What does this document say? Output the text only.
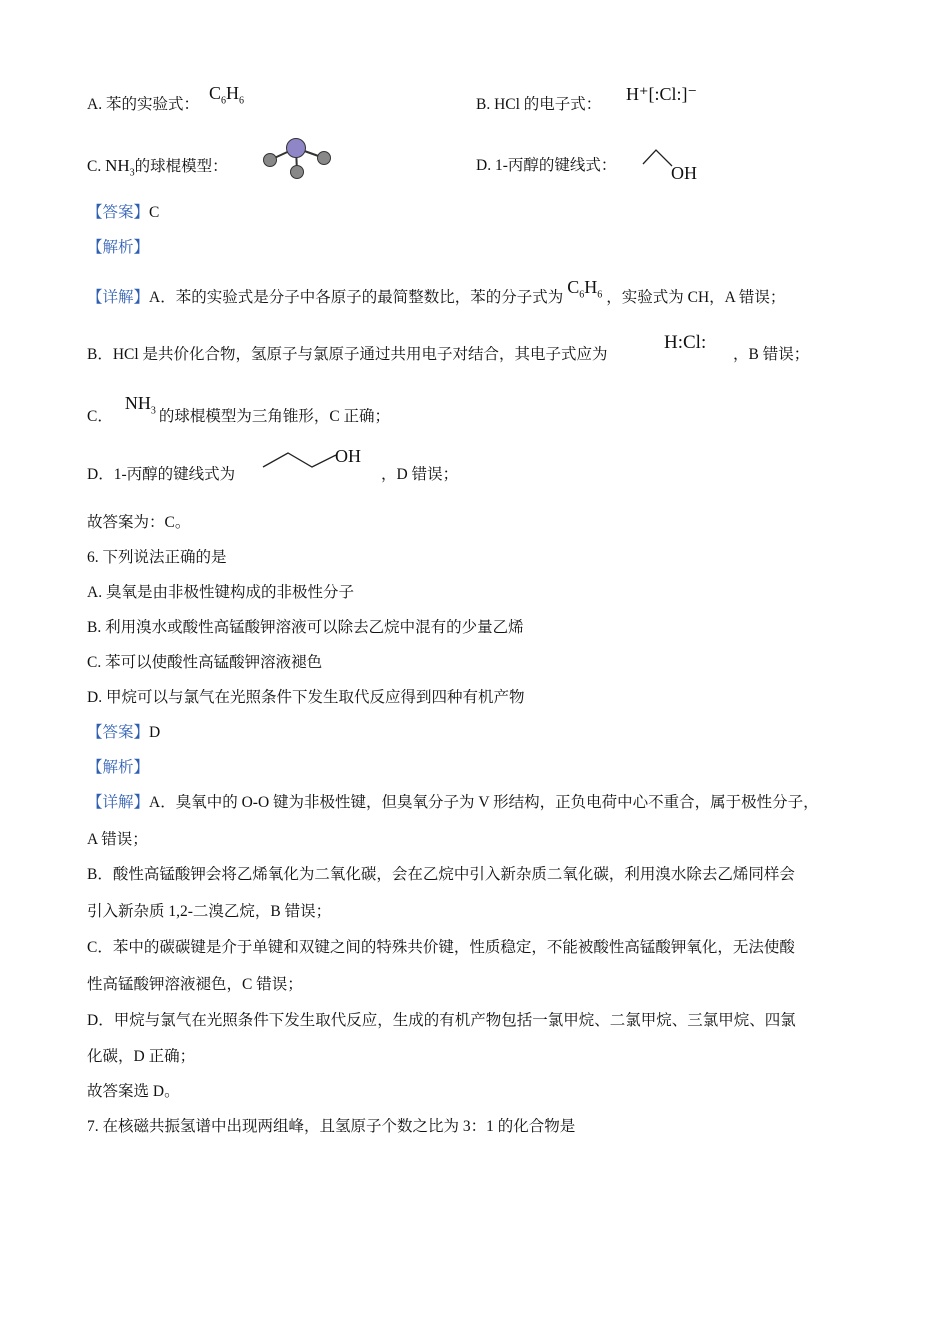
A. 苯的实验式：
$C_6H_6$	B. HCl 的电子式：
H⁺[:Cl:]⁻
C. $NH_3$的球棍模型：	D. 1-丙醇的键线式：	OH
【答案】C
【解析】
【详解】A．苯的实验式是分子中各原子的最简整数比，苯的分子式为$C_6H_6$ ，实验式为 CH，A 错误；
B．HCl 是共价化合物，氢原子与氯原子通过共用电子对结合，其电子式应为
H:Cl:
，B 错误；
C．$NH_3$ 的球棍模型为三角锥形，C 正确；
D．1-丙醇的键线式为
OH
，D 错误；
故答案为：C。
6. 下列说法正确的是
A. 臭氧是由非极性键构成的非极性分子
B. 利用溴水或酸性高锰酸钾溶液可以除去乙烷中混有的少量乙烯
C. 苯可以使酸性高锰酸钾溶液褪色
D. 甲烷可以与氯气在光照条件下发生取代反应得到四种有机产物
【答案】D
【解析】
【详解】A．臭氧中的 O-O 键为非极性键，但臭氧分子为 V 形结构，正负电荷中心不重合，属于极性分子，
A 错误；
B．酸性高锰酸钾会将乙烯氧化为二氧化碳，会在乙烷中引入新杂质二氧化碳，利用溴水除去乙烯同样会
引入新杂质 1,2-二溴乙烷，B 错误；
C．苯中的碳碳键是介于单键和双键之间的特殊共价键，性质稳定，不能被酸性高锰酸钾氧化，无法使酸
性高锰酸钾溶液褪色，C 错误；
D．甲烷与氯气在光照条件下发生取代反应，生成的有机产物包括一氯甲烷、二氯甲烷、三氯甲烷、四氯
化碳，D 正确；
故答案选 D。
7. 在核磁共振氢谱中出现两组峰，且氢原子个数之比为 3：1 的化合物是
